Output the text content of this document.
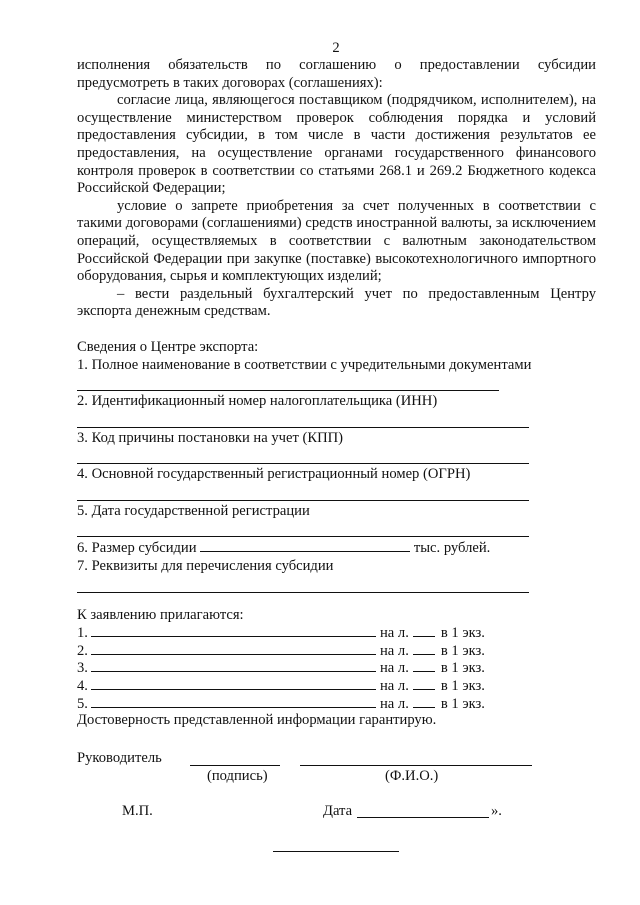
2

исполнения обязательств по соглашению о предоставлении субсидии предусмотреть в таких договорах (соглашениях):

согласие лица, являющегося поставщиком (подрядчиком, исполнителем), на осуществление министерством проверок соблюдения порядка и условий предоставления субсидии, в том числе в части достижения результатов ее предоставления, на осуществление органами государственного финансового контроля проверок в соответствии со статьями 268.1 и 269.2 Бюджетного кодекса Российской Федерации;

условие о запрете приобретения за счет полученных в соответствии с такими договорами (соглашениями) средств иностранной валюты, за исключением операций, осуществляемых в соответствии с валютным законодательством Российской Федерации при закупке (поставке) высокотехнологичного импортного оборудования, сырья и комплектующих изделий;

– вести раздельный бухгалтерский учет по предоставленным Центру экспорта денежным средствам.

Сведения о Центре экспорта:

1. Полное наименование в соответствии с учредительными документами

2. Идентификационный номер налогоплательщика (ИНН)

3. Код причины постановки на учет (КПП)

4. Основной государственный регистрационный номер (ОГРН)

5. Дата государственной регистрации

6. Размер субсидии	тыс. рублей.

7. Реквизиты для перечисления субсидии

К заявлению прилагаются:

1.	на л. в 1 экз.
2.	на л. в 1 экз.
3.	на л. в 1 экз.
4.	на л. в 1 экз.
5.	на л. в 1 экз.

Достоверность представленной информации гарантирую.

Руководитель
(подпись)	(Ф.И.О.)
М.П.	Дата	».
